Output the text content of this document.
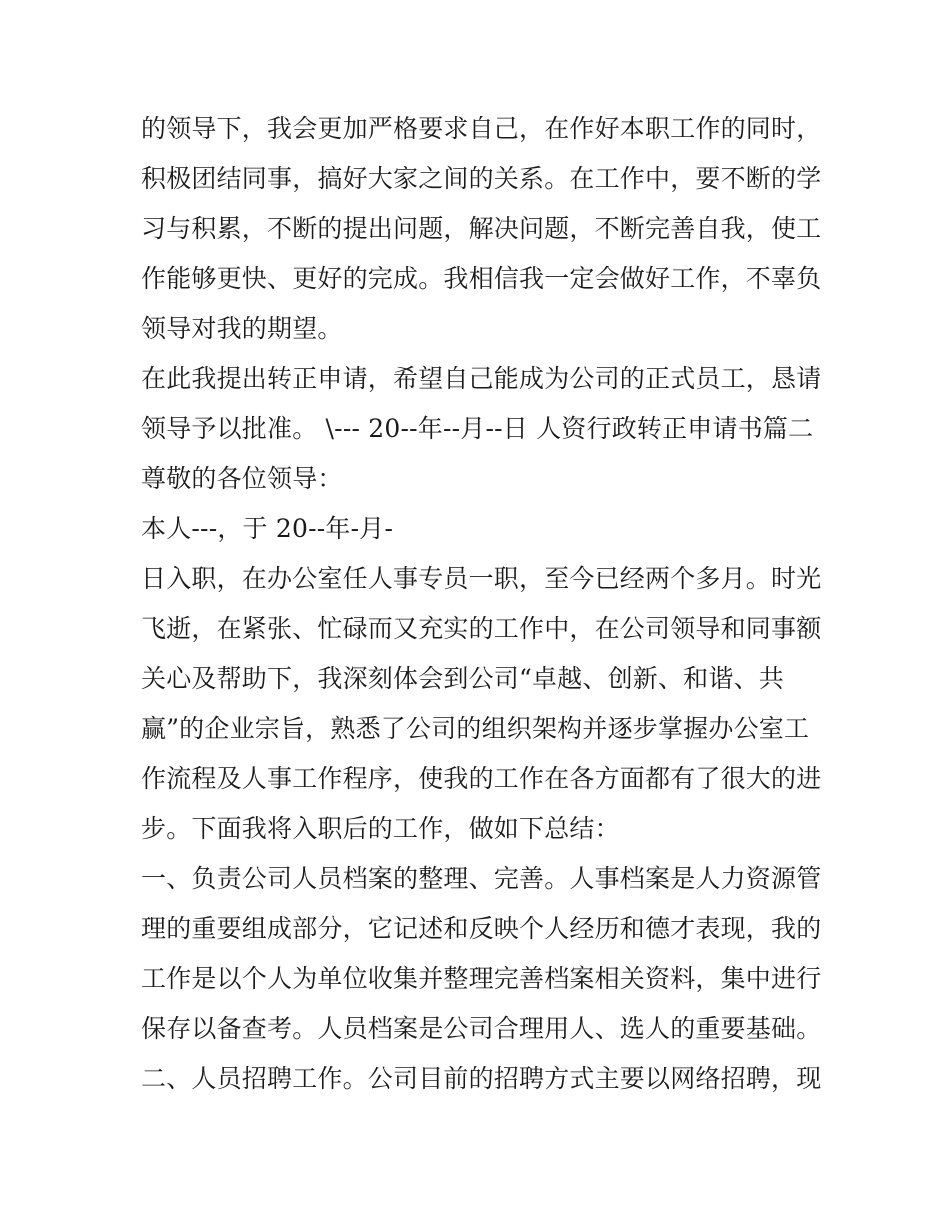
的领导下，我会更加严格要求自己，在作好本职工作的同时，
积极团结同事，搞好大家之间的关系。在工作中，要不断的学
习与积累，不断的提出问题，解决问题，不断完善自我，使工
作能够更快、更好的完成。我相信我一定会做好工作，不辜负
领导对我的期望。
在此我提出转正申请，希望自己能成为公司的正式员工，恳请
领导予以批准。 \--- 20--年--月--日 人资行政转正申请书篇二
尊敬的各位领导：
本人---，于 20--年-月-
日入职，在办公室任人事专员一职，至今已经两个多月。时光
飞逝，在紧张、忙碌而又充实的工作中，在公司领导和同事额
关心及帮助下，我深刻体会到公司“卓越、创新、和谐、共
赢”的企业宗旨，熟悉了公司的组织架构并逐步掌握办公室工
作流程及人事工作程序，使我的工作在各方面都有了很大的进
步。下面我将入职后的工作，做如下总结：
一、负责公司人员档案的整理、完善。人事档案是人力资源管
理的重要组成部分，它记述和反映个人经历和德才表现，我的
工作是以个人为单位收集并整理完善档案相关资料，集中进行
保存以备查考。人员档案是公司合理用人、选人的重要基础。
二、人员招聘工作。公司目前的招聘方式主要以网络招聘，现
